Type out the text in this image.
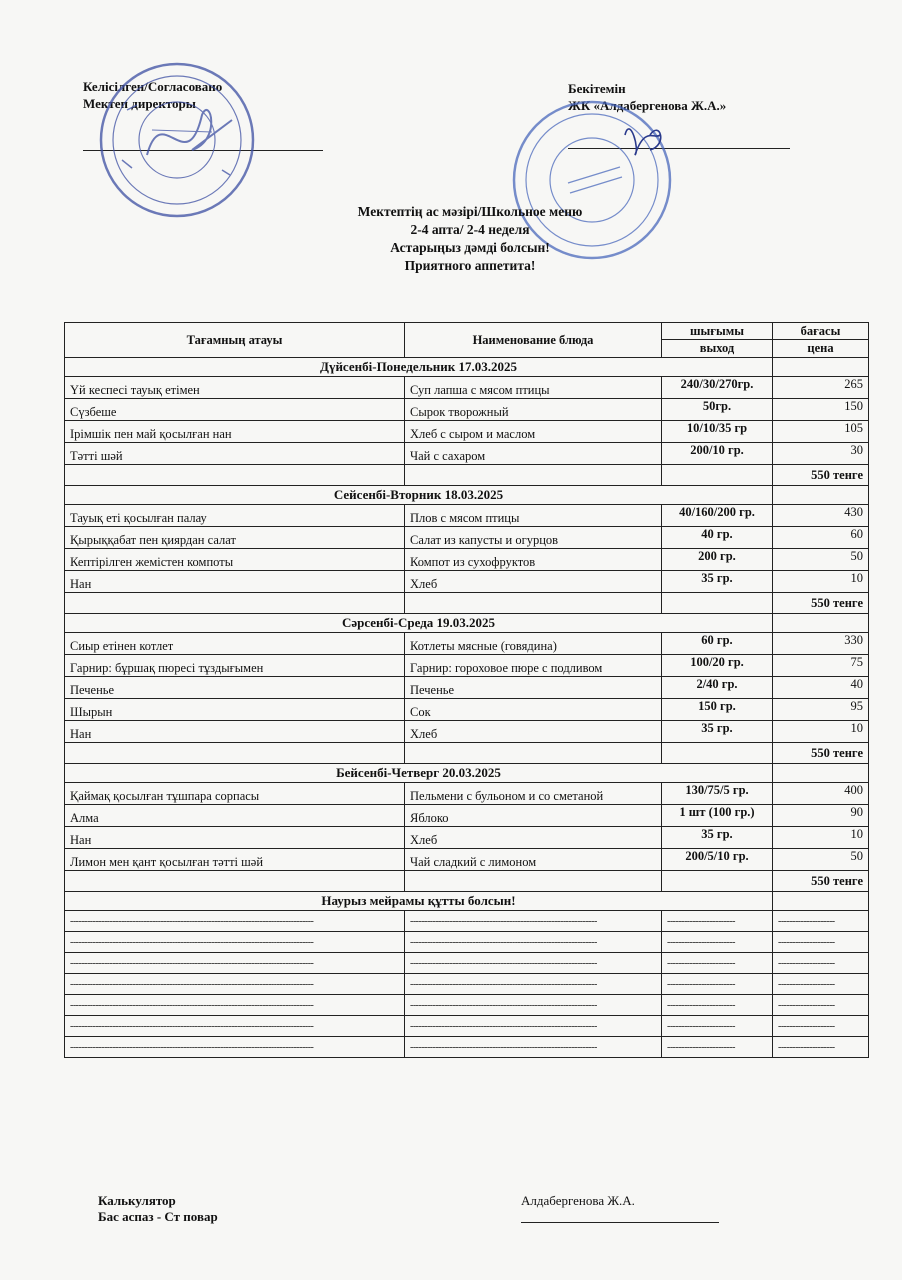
Келісілген/Согласовано
Мектеп директоры
Бекітемін
ЖК «Алдабергенова Ж.А.»
Мектептің ас мәзірі/Школьное меню
2-4 апта/ 2-4 неделя
Астарыңыз дәмді болсын!
Приятного аппетита!
Тағамның атауы	Наименование блюда	шығымы	бағасы
		выход	цена
Дүйсенбі-Понедельник 17.03.2025			
Үй кеспесі тауық етімен	Суп лапша с мясом птицы	240/30/270гр.	265
Сүзбеше	Сырок творожный	50гр.	150
Ірімшік пен май қосылған нан	Хлеб с сыром и маслом	10/10/35 гр	105
Тәтті шәй	Чай с сахаром	200/10 гр.	30
			550 тенге
Сейсенбі-Вторник 18.03.2025			
Тауық еті қосылған палау	Плов с мясом птицы	40/160/200 гр.	430
Қырыққабат пен қиярдан салат	Салат из капусты и огурцов	40 гр.	60
Кептірілген жемістен компоты	Компот из сухофруктов	200 гр.	50
Нан	Хлеб	35 гр.	10
			550 тенге
Сәрсенбі-Среда 19.03.2025			
Сиыр етінен котлет	Котлеты мясные (говядина)	60 гр.	330
Гарнир: бұршақ пюресі тұздығымен	Гарнир: гороховое пюре с подливом	100/20 гр.	75
Печенье	Печенье	2/40 гр.	40
Шырын	Сок	150 гр.	95
Нан	Хлеб	35 гр.	10
			550 тенге
Бейсенбі-Четверг 20.03.2025			
Қаймақ қосылған тұшпара сорпасы	Пельмени с бульоном и со сметаной	130/75/5 гр.	400
Алма	Яблоко	1 шт (100 гр.)	90
Нан	Хлеб	35 гр.	10
Лимон мен қант қосылған тәтті шәй	Чай сладкий с лимоном	200/5/10 гр.	50
			550 тенге
Наурыз мейрамы құтты болсын!			
--------------------------------------------------------------------------------------	------------------------------------------------------------------	------------------------	--------------------
--------------------------------------------------------------------------------------	------------------------------------------------------------------	------------------------	--------------------
--------------------------------------------------------------------------------------	------------------------------------------------------------------	------------------------	--------------------
--------------------------------------------------------------------------------------	------------------------------------------------------------------	------------------------	--------------------
--------------------------------------------------------------------------------------	------------------------------------------------------------------	------------------------	--------------------
--------------------------------------------------------------------------------------	------------------------------------------------------------------	------------------------	--------------------
--------------------------------------------------------------------------------------	------------------------------------------------------------------	------------------------	--------------------
Калькулятор
Бас аспаз - Ст повар
Алдабергенова Ж.А.
